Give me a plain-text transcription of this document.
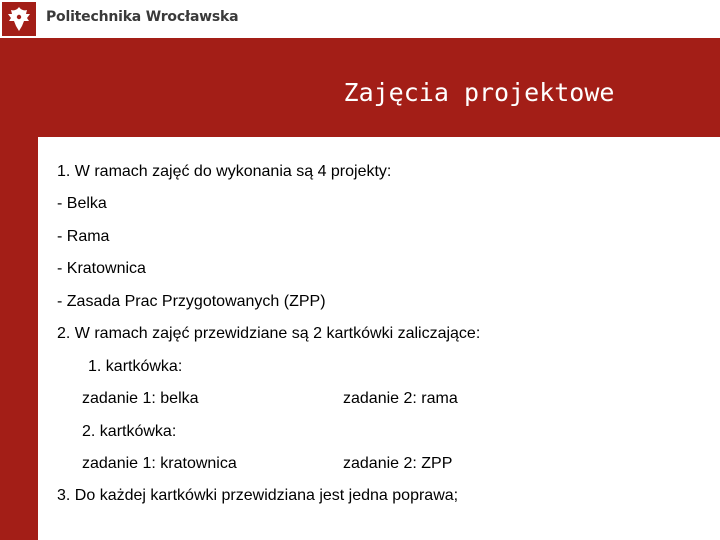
Politechnika Wrocławska
Zajęcia projektowe
1. W ramach zajęć do wykonania są 4 projekty:
- Belka
- Rama
- Kratownica
- Zasada Prac Przygotowanych (ZPP)
2. W ramach zajęć przewidziane są 2 kartkówki zaliczające:
1. kartkówka:
zadanie 1: belka	zadanie 2: rama
2. kartkówka:
zadanie 1: kratownica	zadanie 2: ZPP
3. Do każdej kartkówki przewidziana jest jedna poprawa;
